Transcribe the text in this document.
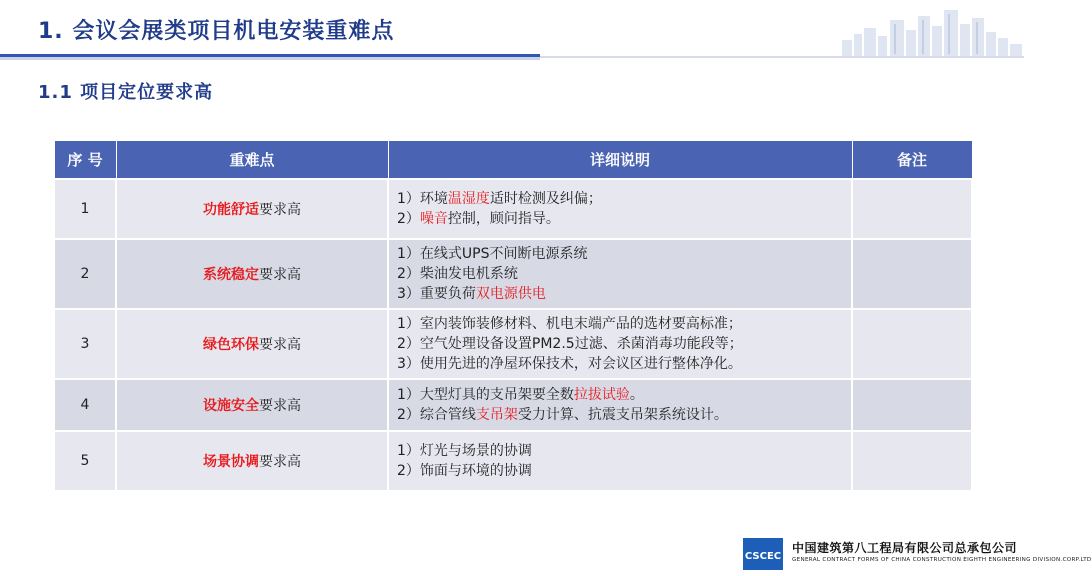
1. 会议会展类项目机电安装重难点
1.1 项目定位要求高
序 号	重难点	详细说明	备注
1	功能舒适要求高	1）环境温湿度适时检测及纠偏；
2）噪音控制，顾问指导。	

2	系统稳定要求高	1）在线式UPS不间断电源系统
2）柴油发电机系统
3）重要负荷双电源供电	

3	绿色环保要求高	1）室内装饰装修材料、机电末端产品的选材要高标准；
2）空气处理设备设置PM2.5过滤、杀菌消毒功能段等；
3）使用先进的净屋环保技术，对会议区进行整体净化。	

4	设施安全要求高	1）大型灯具的支吊架要全数拉拔试验。
2）综合管线支吊架受力计算、抗震支吊架系统设计。	

5	场景协调要求高	1）灯光与场景的协调
2）饰面与环境的协调	

CSCEC
中国建筑第八工程局有限公司总承包公司
GENERAL CONTRACT FORMS OF CHINA CONSTRUCTION EIGHTH ENGINEERING DIVISION.CORP.LTD
